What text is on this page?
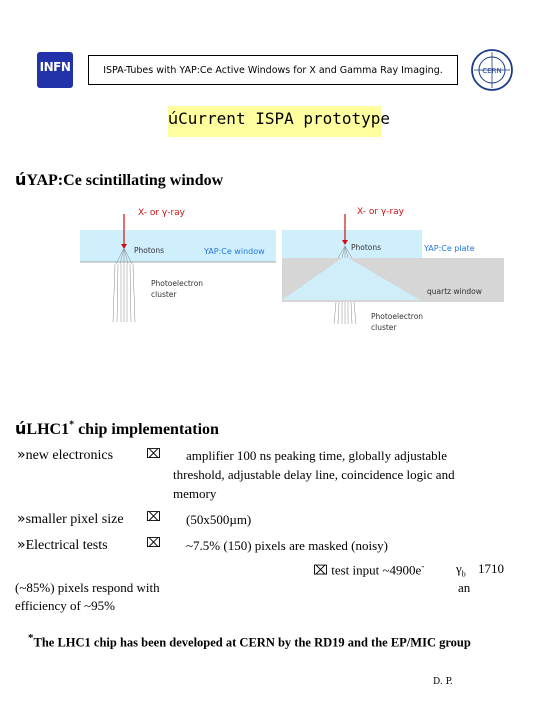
INFN	ISPA-Tubes with YAP:Ce Active Windows for X and Gamma Ray Imaging.	CERN
úCurrent ISPA prototype
úYAP:Ce scintillating window
X- or γ-ray
Photons	YAP:Ce window
Photoelectron
cluster
X- or γ-ray
Photons	YAP:Ce plate
quartz window
Photoelectron
cluster
úLHC1* chip implementation
»new electronics	⌧ amplifier 100 ns peaking time, globally adjustable
threshold, adjustable delay line, coincidence logic and
memory
»smaller pixel size ⌧ (50x500µm)
»Electrical tests	⌧ ~7.5% (150) pixels are masked (noisy)
⌧ test input ~4900e- $\gamma_b$ 1710
an
(~85%) pixels respond with
efficiency of ~95%
*The LHC1 chip has been developed at CERN by the RD19 and the EP/MIC group
D. P.
